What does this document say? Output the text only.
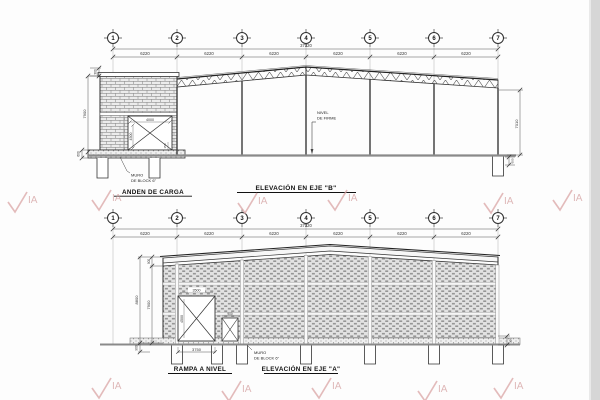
1	2	3	4	5	6	7
37320
6220	6220	6220	6220	6220	6220
300
7900
600
7010
600
4000
4500
150
NIVEL
DE FIRME
MURO
DE BLOCK 6"
ANDEN DE CARGA
ELEVACIÓN EN EJE "B"
3500
4500
900
1	2	3	4	5	6	7
37320
6220	6220	6220	6220	6220	6220
900
8800
7900
900	3750
300
MURO
DE BLOCK 6"
RAMPA A NIVEL	ELEVACIÓN EN EJE "A"
IA	IA	IA	IA	IA	IA
IA	IA	IA	IA	IA
